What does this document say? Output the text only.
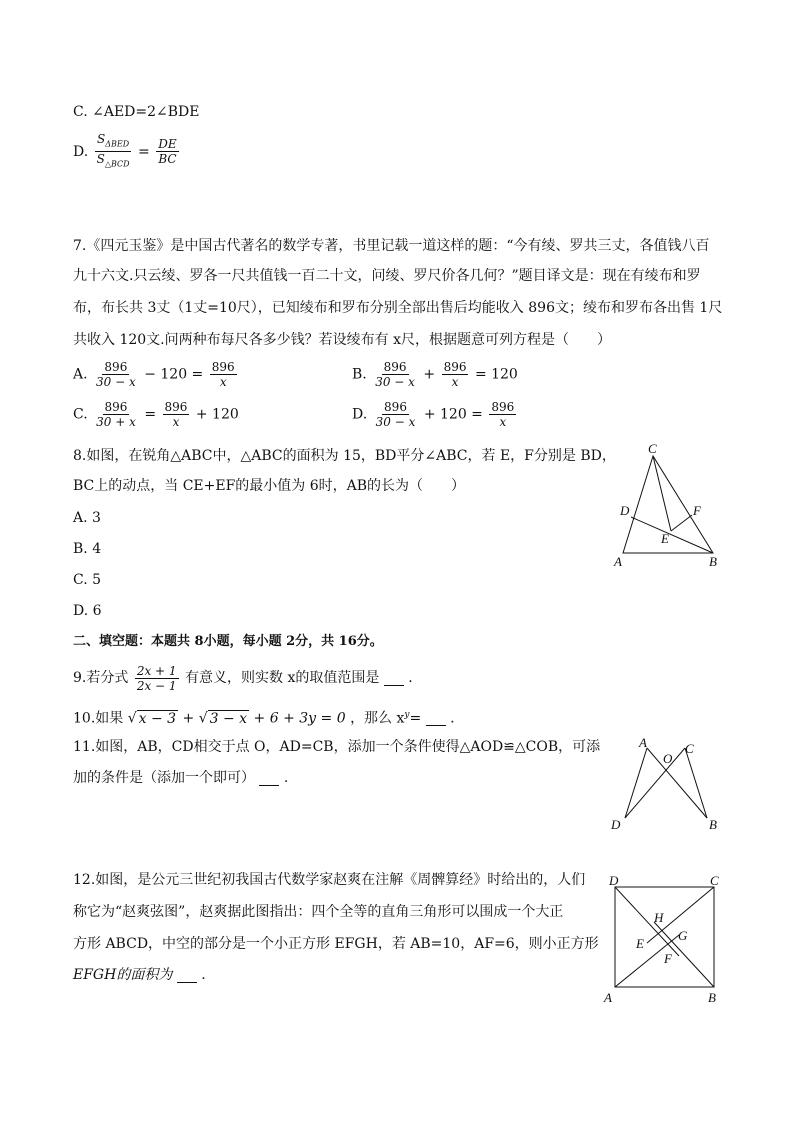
C. ∠AED=2∠BDE
D. $\frac{S_{\Delta BED}}{S_{\triangle BCD}} = \frac{DE}{BC}$
7.《四元玉鉴》是中国古代著名的数学专著，书里记载一道这样的题：“今有绫、罗共三丈，各值钱八百
九十六文.只云绫、罗各一尺共值钱一百二十文，问绫、罗尺价各几何？”题目译文是：现在有绫布和罗
布，布长共 3丈（1丈=10尺），已知绫布和罗布分别全部出售后均能收入 896文；绫布和罗布各出售 1尺
共收入 120文.问两种布每尺各多少钱？若设绫布有 x尺，根据题意可列方程是（　　）
A. $\frac{896}{30 - x} - 120 = \frac{896}{x}$	B. $\frac{896}{30 - x} + \frac{896}{x} = 120$
C. $\frac{896}{30 + x} = \frac{896}{x} + 120$	D. $\frac{896}{30 - x} + 120 = \frac{896}{x}$
8.如图，在锐角△ABC中，△ABC的面积为 15，BD平分∠ABC，若 E，F分别是 BD，
BC上的动点，当 CE+EF的最小值为 6时，AB的长为（　　）
A. 3
B. 4
C. 5
D. 6
C
D	F
E
A	B
二、填空题：本题共 8小题，每小题 2分，共 16分。
9.若分式 $\frac{2x + 1}{2x - 1}$ 有意义，则实数 x的取值范围是 .
10.如果 √ x − 3 + √ 3 − x + 6 + 3y = 0 ，那么 $x^y=$ .
11.如图，AB，CD相交于点 O，AD=CB，添加一个条件使得△AOD≌△COB，可添
加的条件是（添加一个即可） .
A
O
C
D	B
12.如图，是公元三世纪初我国古代数学家赵爽在注解《周髀算经》时给出的，人们
称它为“赵爽弦图”，赵爽据此图指出：四个全等的直角三角形可以围成一个大正
方形 ABCD，中空的部分是一个小正方形 EFGH，若 AB=10，AF=6，则小正方形
EFGH的面积为 .
D	C
H
G
E
F
A	B
